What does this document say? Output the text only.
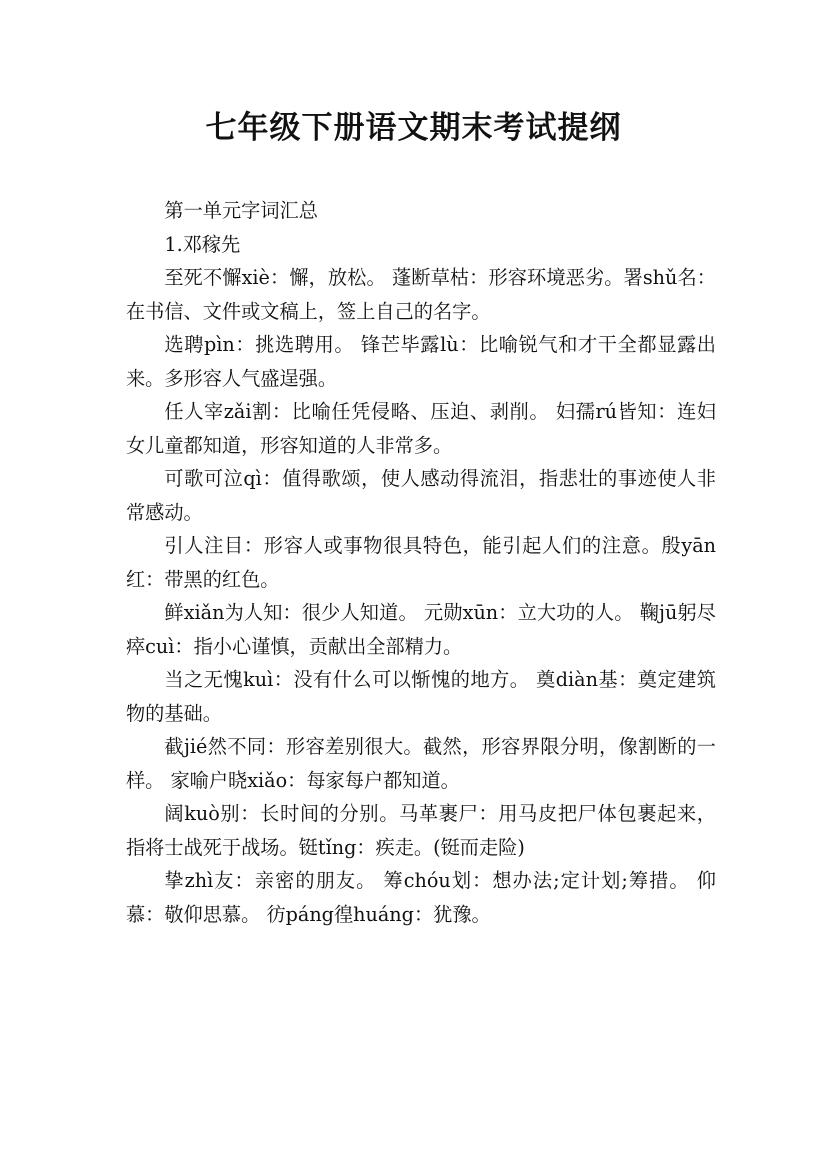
七年级下册语文期末考试提纲

第一单元字词汇总

1.邓稼先

至死不懈xiè：懈，放松。 蓬断草枯：形容环境恶劣。署shǔ名：在书信、文件或文稿上，签上自己的名字。

选聘pìn：挑选聘用。 锋芒毕露lù：比喻锐气和才干全都显露出来。多形容人气盛逞强。

任人宰zǎi割：比喻任凭侵略、压迫、剥削。 妇孺rú皆知：连妇女儿童都知道，形容知道的人非常多。

可歌可泣qì：值得歌颂，使人感动得流泪，指悲壮的事迹使人非常感动。

引人注目：形容人或事物很具特色，能引起人们的注意。殷yān红：带黑的红色。

鲜xiǎn为人知：很少人知道。 元勋xūn：立大功的人。 鞠jū躬尽瘁cuì：指小心谨慎，贡献出全部精力。

当之无愧kuì：没有什么可以惭愧的地方。 奠diàn基：奠定建筑物的基础。

截jié然不同：形容差别很大。截然，形容界限分明，像割断的一样。 家喻户晓xiǎo：每家每户都知道。

阔kuò别：长时间的分别。马革裹尸：用马皮把尸体包裹起来，指将士战死于战场。铤tǐng：疾走。(铤而走险)

挚zhì友：亲密的朋友。 筹chóu划：想办法;定计划;筹措。 仰慕：敬仰思慕。 彷páng徨huáng：犹豫。
